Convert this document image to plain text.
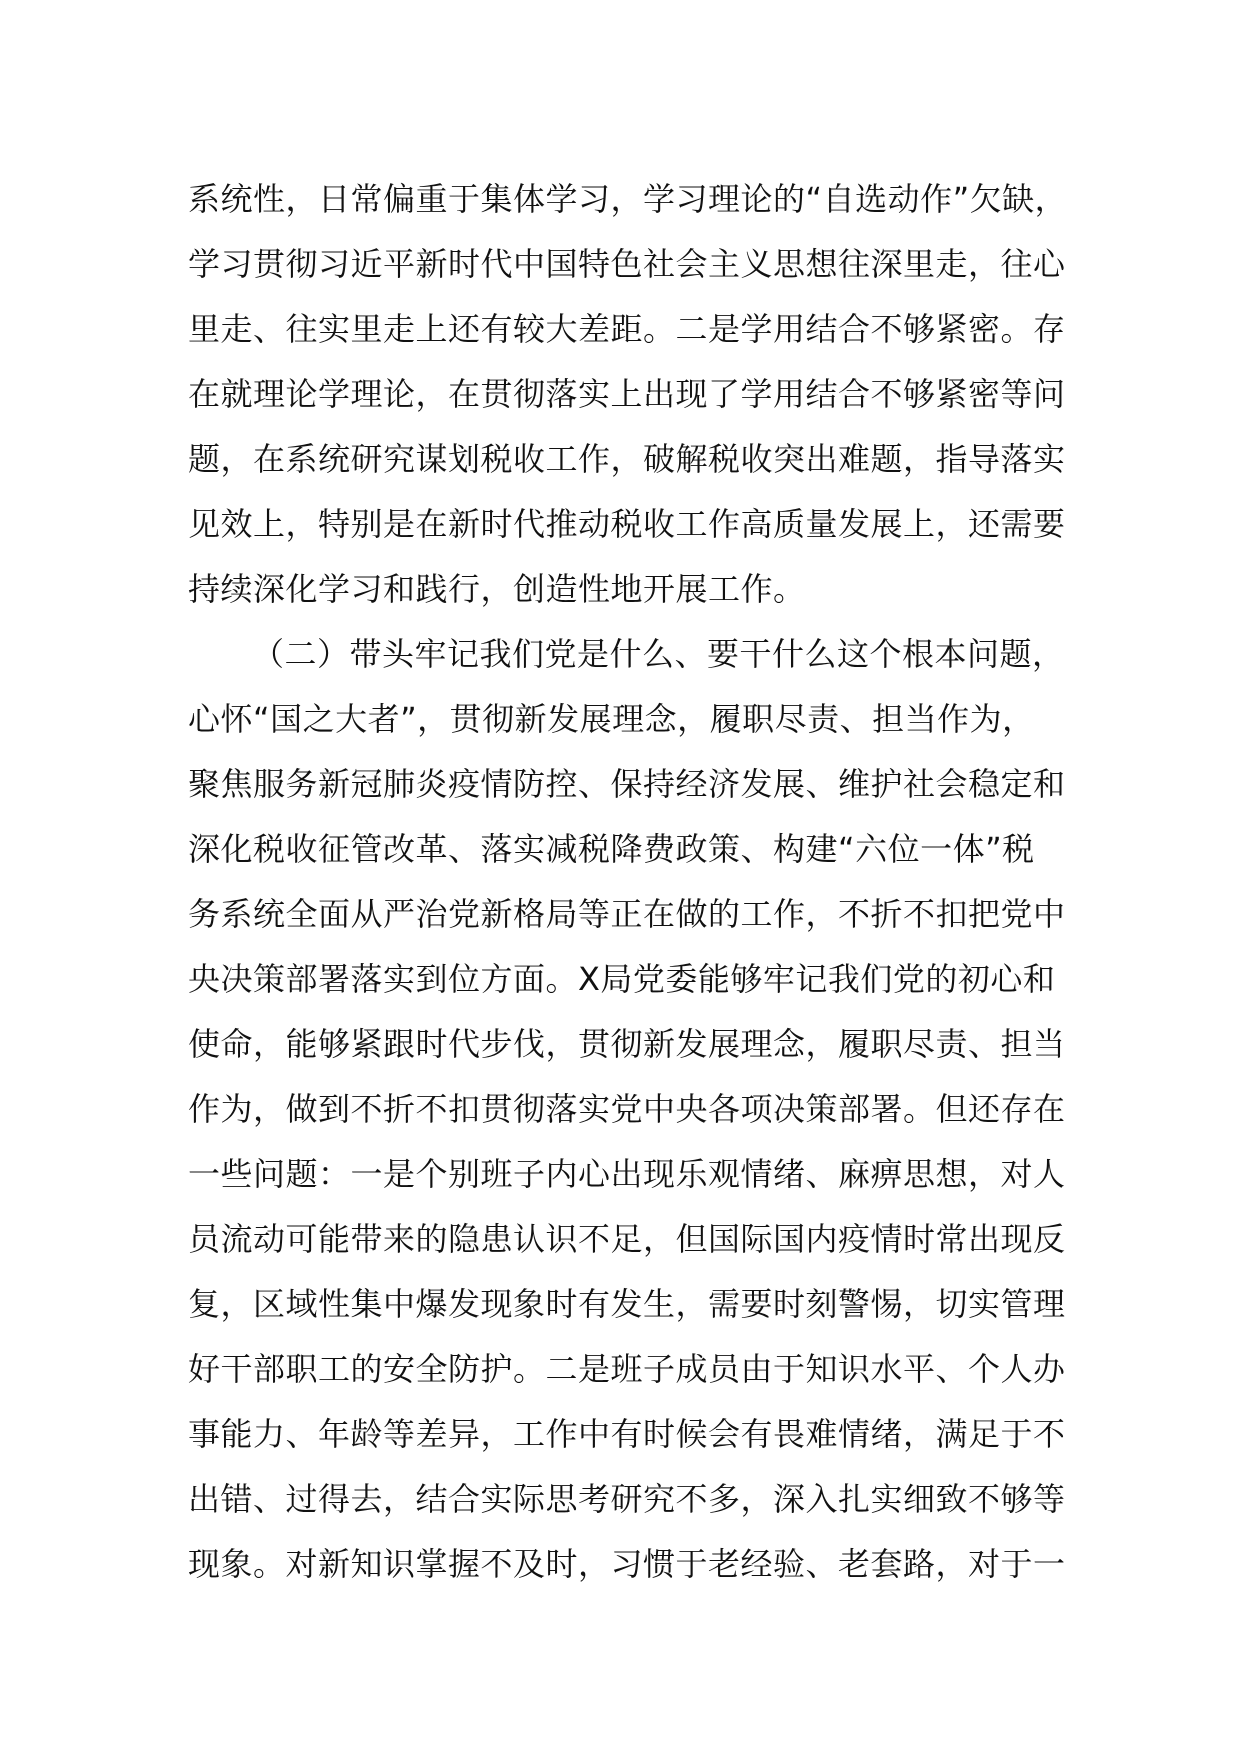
系统性，日常偏重于集体学习，学习理论的“自选动作”欠缺，
学习贯彻习近平新时代中国特色社会主义思想往深里走，往心
里走、往实里走上还有较大差距。二是学用结合不够紧密。存
在就理论学理论，在贯彻落实上出现了学用结合不够紧密等问
题，在系统研究谋划税收工作，破解税收突出难题，指导落实
见效上，特别是在新时代推动税收工作高质量发展上，还需要
持续深化学习和践行，创造性地开展工作。
（二）带头牢记我们党是什么、要干什么这个根本问题，
心怀“国之大者”，贯彻新发展理念，履职尽责、担当作为，
聚焦服务新冠肺炎疫情防控、保持经济发展、维护社会稳定和
深化税收征管改革、落实减税降费政策、构建“六位一体”税
务系统全面从严治党新格局等正在做的工作，不折不扣把党中
央决策部署落实到位方面。X局党委能够牢记我们党的初心和
使命，能够紧跟时代步伐，贯彻新发展理念，履职尽责、担当
作为，做到不折不扣贯彻落实党中央各项决策部署。但还存在
一些问题：一是个别班子内心出现乐观情绪、麻痹思想，对人
员流动可能带来的隐患认识不足，但国际国内疫情时常出现反
复，区域性集中爆发现象时有发生，需要时刻警惕，切实管理
好干部职工的安全防护。二是班子成员由于知识水平、个人办
事能力、年龄等差异，工作中有时候会有畏难情绪，满足于不
出错、过得去，结合实际思考研究不多，深入扎实细致不够等
现象。对新知识掌握不及时，习惯于老经验、老套路，对于一
